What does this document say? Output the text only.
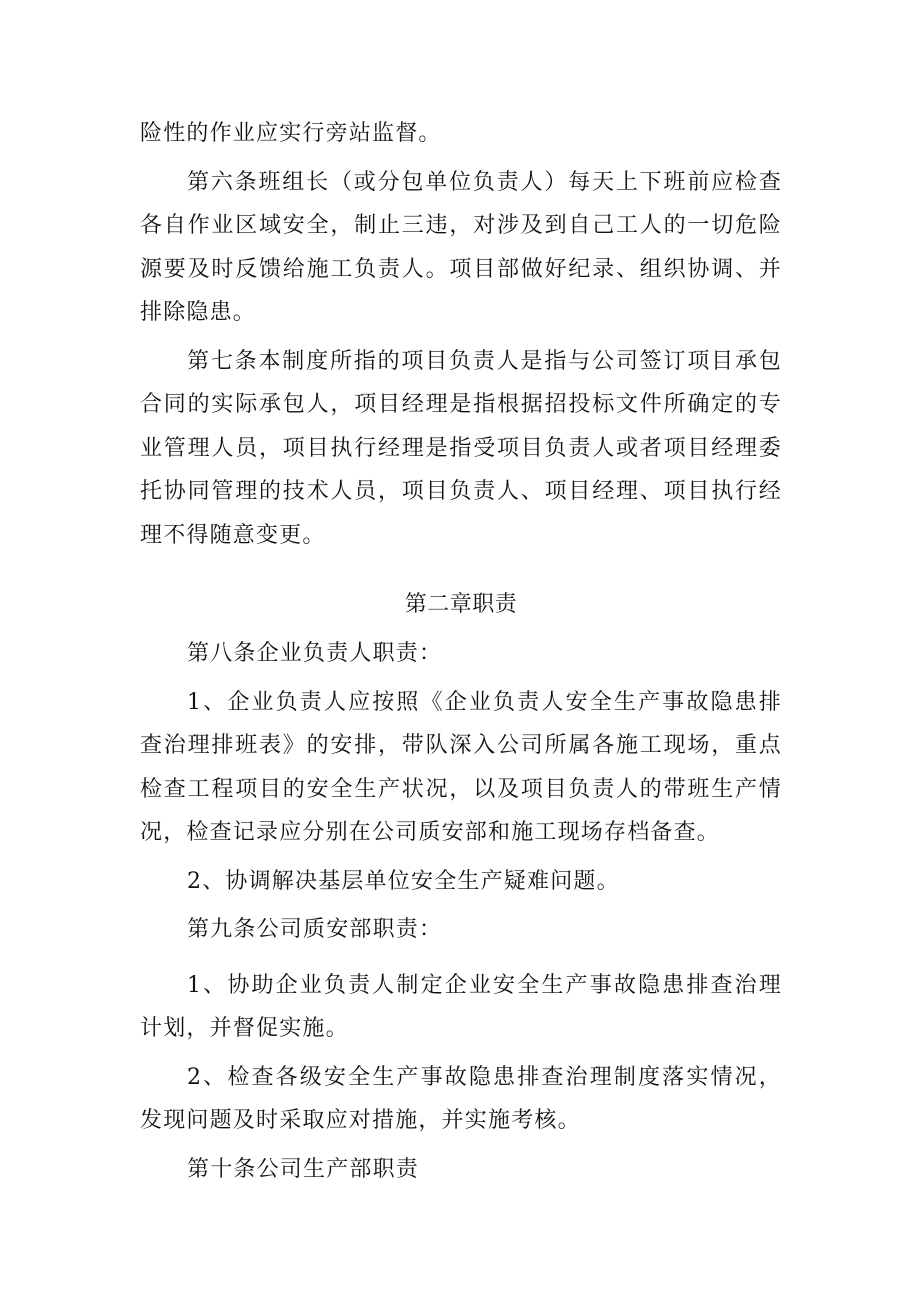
险性的作业应实行旁站监督。

第六条班组长（或分包单位负责人）每天上下班前应检查各自作业区域安全，制止三违，对涉及到自己工人的一切危险源要及时反馈给施工负责人。项目部做好纪录、组织协调、并排除隐患。

第七条本制度所指的项目负责人是指与公司签订项目承包合同的实际承包人，项目经理是指根据招投标文件所确定的专业管理人员，项目执行经理是指受项目负责人或者项目经理委托协同管理的技术人员，项目负责人、项目经理、项目执行经理不得随意变更。

第二章职责

第八条企业负责人职责：

1、企业负责人应按照《企业负责人安全生产事故隐患排查治理排班表》的安排，带队深入公司所属各施工现场，重点检查工程项目的安全生产状况，以及项目负责人的带班生产情况，检查记录应分别在公司质安部和施工现场存档备查。

2、协调解决基层单位安全生产疑难问题。

第九条公司质安部职责：

1、协助企业负责人制定企业安全生产事故隐患排查治理计划，并督促实施。

2、检查各级安全生产事故隐患排查治理制度落实情况，发现问题及时采取应对措施，并实施考核。

第十条公司生产部职责
